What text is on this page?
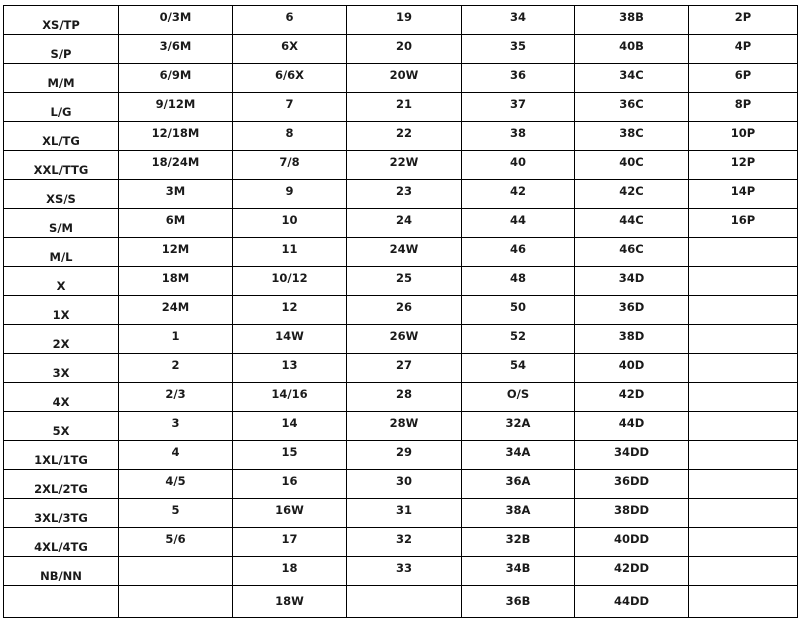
XS/TP	0/3M	6	19	34	38B	2P
S/P	3/6M	6X	20	35	40B	4P
M/M	6/9M	6/6X	20W	36	34C	6P
L/G	9/12M	7	21	37	36C	8P
XL/TG	12/18M	8	22	38	38C	10P
XXL/TTG	18/24M	7/8	22W	40	40C	12P
XS/S	3M	9	23	42	42C	14P
S/M	6M	10	24	44	44C	16P
M/L	12M	11	24W	46	46C	
X	18M	10/12	25	48	34D	
1X	24M	12	26	50	36D	
2X	1	14W	26W	52	38D	
3X	2	13	27	54	40D	
4X	2/3	14/16	28	O/S	42D	
5X	3	14	28W	32A	44D	
1XL/1TG	4	15	29	34A	34DD	
2XL/2TG	4/5	16	30	36A	36DD	
3XL/3TG	5	16W	31	38A	38DD	
4XL/4TG	5/6	17	32	32B	40DD	
NB/NN		18	33	34B	42DD	
		18W		36B	44DD	
